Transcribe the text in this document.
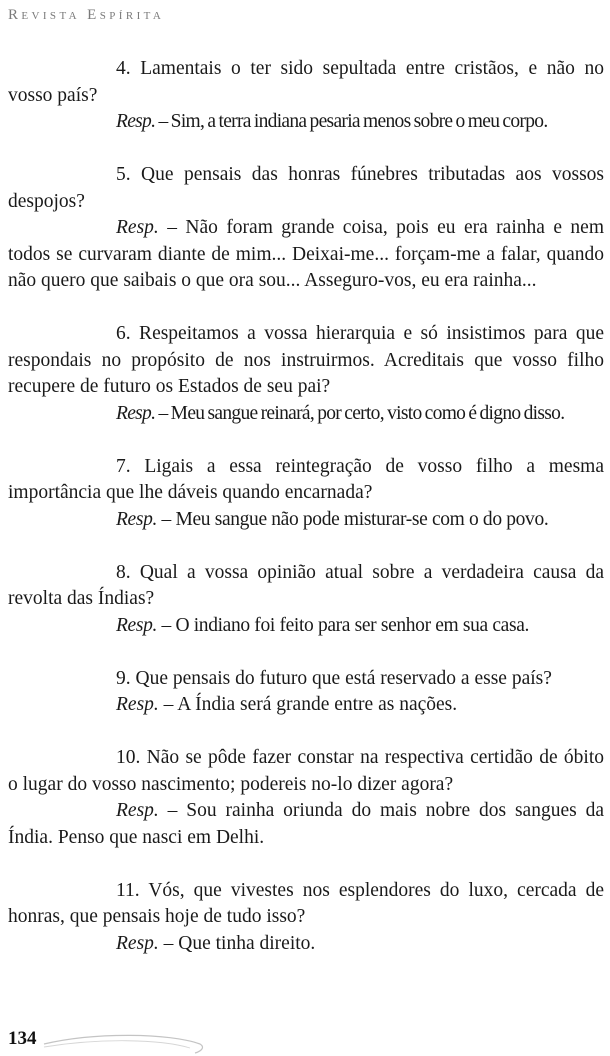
Revista Espírita

4. Lamentais o ter sido sepultada entre cristãos, e não no vosso país?

Resp. – Sim, a terra indiana pesaria menos sobre o meu corpo.

5. Que pensais das honras fúnebres tributadas aos vossos despojos?

Resp. – Não foram grande coisa, pois eu era rainha e nem todos se curvaram diante de mim... Deixai-me... forçam-me a falar, quando não quero que saibais o que ora sou... Asseguro-vos, eu era rainha...

6. Respeitamos a vossa hierarquia e só insistimos para que respondais no propósito de nos instruirmos. Acreditais que vosso filho recupere de futuro os Estados de seu pai?

Resp. – Meu sangue reinará, por certo, visto como é digno disso.

7. Ligais a essa reintegração de vosso filho a mesma importância que lhe dáveis quando encarnada?

Resp. – Meu sangue não pode misturar-se com o do povo.

8. Qual a vossa opinião atual sobre a verdadeira causa da revolta das Índias?

Resp. – O indiano foi feito para ser senhor em sua casa.

9. Que pensais do futuro que está reservado a esse país?

Resp. – A Índia será grande entre as nações.

10. Não se pôde fazer constar na respectiva certidão de óbito o lugar do vosso nascimento; podereis no-lo dizer agora?

Resp. – Sou rainha oriunda do mais nobre dos sangues da Índia. Penso que nasci em Delhi.

11. Vós, que vivestes nos esplendores do luxo, cercada de honras, que pensais hoje de tudo isso?

Resp. – Que tinha direito.

134
